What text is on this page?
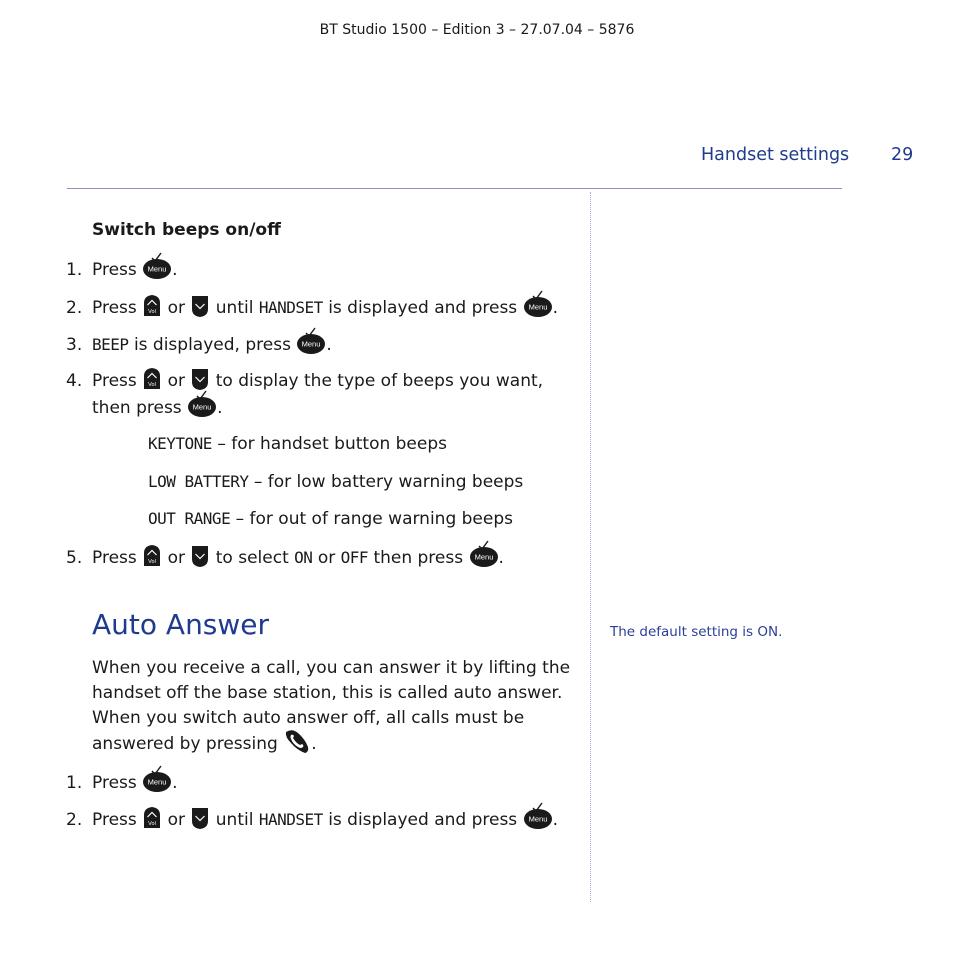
BT Studio 1500 – Edition 3 – 27.07.04 – 5876
Handset settings 29
Switch beeps on/off
1. Press Menu .
2. Press Vol or until HANDSET is displayed and press Menu .
3. BEEP is displayed, press Menu .
4. Press Vol or to display the type of beeps you want,
then press Menu .
KEYTONE – for handset button beeps
LOW BATTERY – for low battery warning beeps
OUT RANGE – for out of range warning beeps
5. Press Vol or to select ON or OFF then press Menu .
Auto Answer
When you receive a call, you can answer it by lifting the handset off the base station, this is called auto answer. When you switch auto answer off, all calls must be answered by pressing .
1. Press Menu .
2. Press Vol or until HANDSET is displayed and press Menu .
The default setting is ON.
